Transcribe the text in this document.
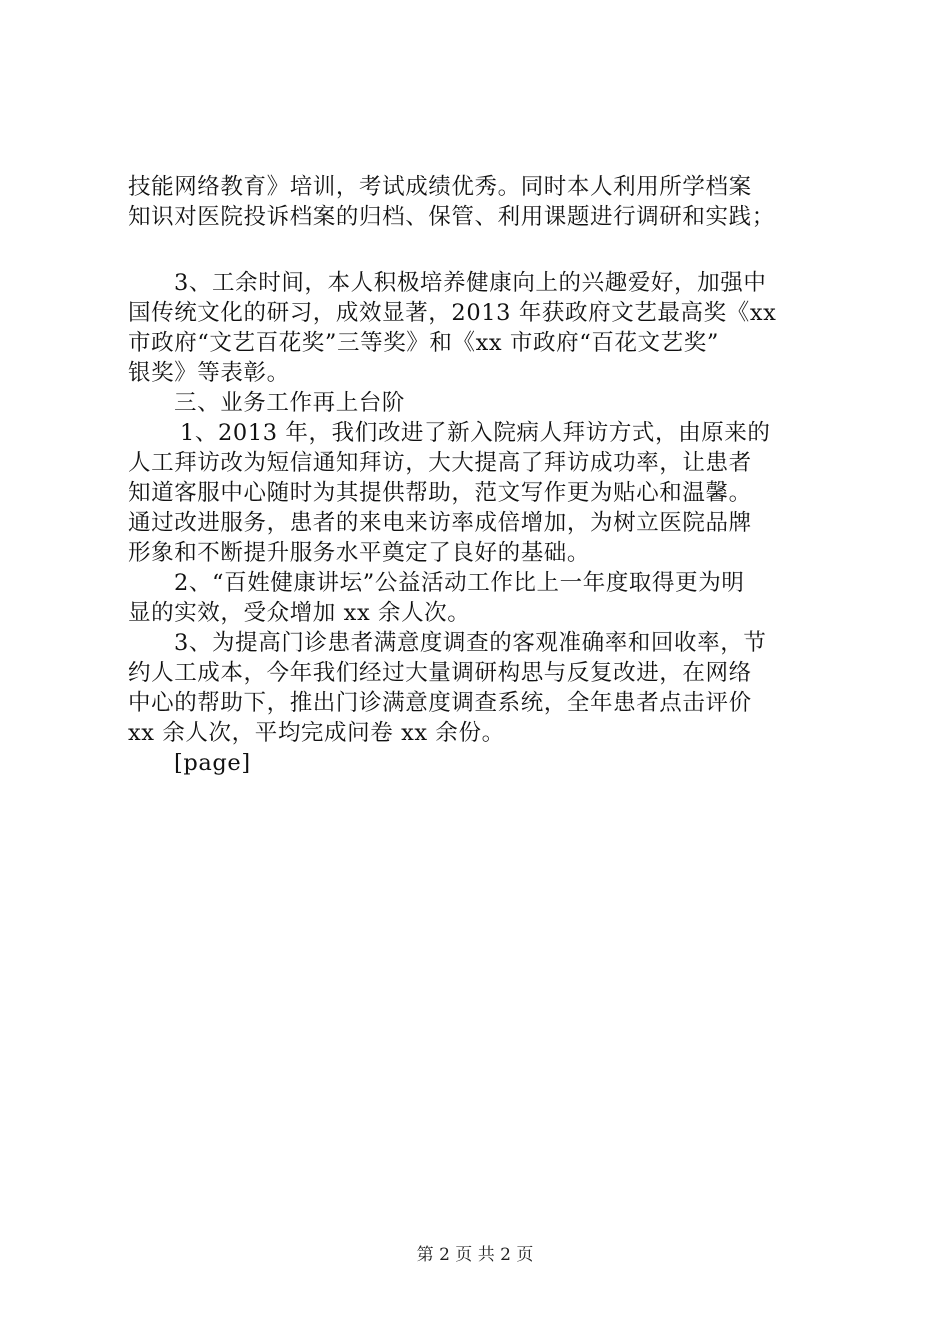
技能网络教育》培训，考试成绩优秀。同时本人利用所学档案
知识对医院投诉档案的归档、保管、利用课题进行调研和实践；
3、工余时间，本人积极培养健康向上的兴趣爱好，加强中
国传统文化的研习，成效显著，2013 年获政府文艺最高奖《xx
市政府“文艺百花奖”三等奖》和《xx 市政府“百花文艺奖”
银奖》等表彰。
三、业务工作再上台阶
1、2013 年，我们改进了新入院病人拜访方式，由原来的
人工拜访改为短信通知拜访，大大提高了拜访成功率，让患者
知道客服中心随时为其提供帮助，范文写作更为贴心和温馨。
通过改进服务，患者的来电来访率成倍增加，为树立医院品牌
形象和不断提升服务水平奠定了良好的基础。
2、“百姓健康讲坛”公益活动工作比上一年度取得更为明
显的实效，受众增加 xx 余人次。
3、为提高门诊患者满意度调查的客观准确率和回收率，节
约人工成本，今年我们经过大量调研构思与反复改进，在网络
中心的帮助下，推出门诊满意度调查系统，全年患者点击评价
xx 余人次，平均完成问卷 xx 余份。
[page]
第 2 页 共 2 页
